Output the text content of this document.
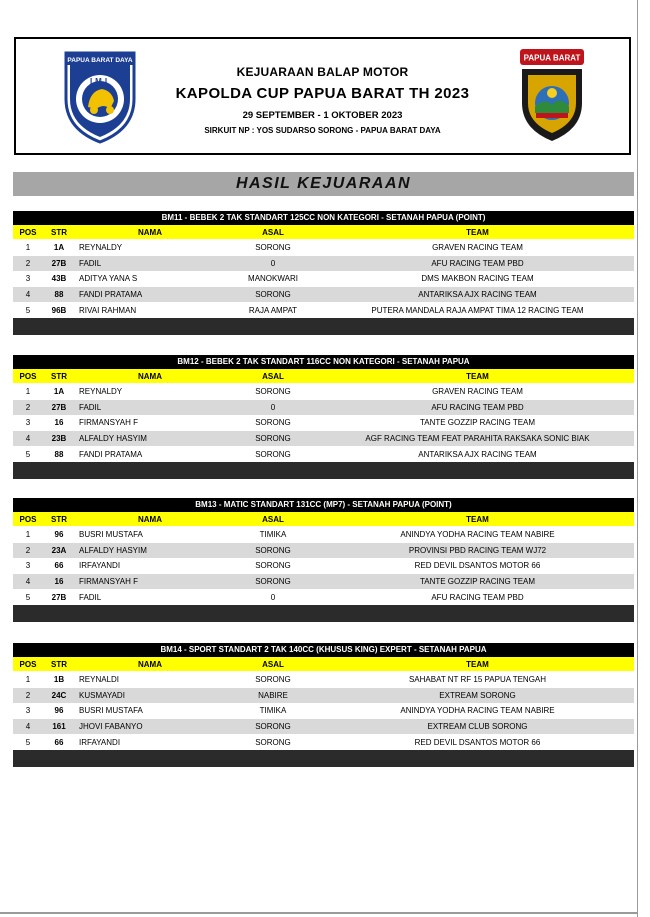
PAPUA BARAT DAYA
IMI
KEJUARAAN BALAP MOTOR
KAPOLDA CUP PAPUA BARAT TH 2023
29 SEPTEMBER - 1 OKTOBER 2023
SIRKUIT NP : YOS SUDARSO SORONG - PAPUA BARAT DAYA
PAPUA BARAT
HASIL KEJUARAAN
BM11 - BEBEK 2 TAK STANDART 125CC NON KATEGORI - SETANAH PAPUA (POINT)
POS	STR	NAMA	ASAL	TEAM
1	1A	REYNALDY	SORONG	GRAVEN RACING TEAM
2	27B	FADIL	0	AFU RACING TEAM PBD
3	43B	ADITYA YANA S	MANOKWARI	DMS MAKBON RACING TEAM
4	88	FANDI PRATAMA	SORONG	ANTARIKSA AJX RACING TEAM
5	96B	RIVAI RAHMAN	RAJA AMPAT	PUTERA MANDALA RAJA AMPAT TIMA 12 RACING TEAM
BM12 - BEBEK 2 TAK STANDART 116CC NON KATEGORI - SETANAH PAPUA
POS	STR	NAMA	ASAL	TEAM
1	1A	REYNALDY	SORONG	GRAVEN RACING TEAM
2	27B	FADIL	0	AFU RACING TEAM PBD
3	16	FIRMANSYAH F	SORONG	TANTE GOZZIP RACING TEAM
4	23B	ALFALDY HASYIM	SORONG	AGF RACING TEAM FEAT PARAHITA RAKSAKA SONIC BIAK
5	88	FANDI PRATAMA	SORONG	ANTARIKSA AJX RACING TEAM
BM13 - MATIC STANDART 131CC (MP7) - SETANAH PAPUA (POINT)
POS	STR	NAMA	ASAL	TEAM
1	96	BUSRI MUSTAFA	TIMIKA	ANINDYA YODHA RACING TEAM NABIRE
2	23A	ALFALDY HASYIM	SORONG	PROVINSI PBD RACING TEAM WJ72
3	66	IRFAYANDI	SORONG	RED DEVIL DSANTOS MOTOR 66
4	16	FIRMANSYAH F	SORONG	TANTE GOZZIP RACING TEAM
5	27B	FADIL	0	AFU RACING TEAM PBD
BM14 - SPORT STANDART 2 TAK 140CC (KHUSUS KING) EXPERT - SETANAH PAPUA
POS	STR	NAMA	ASAL	TEAM
1	1B	REYNALDI	SORONG	SAHABAT NT RF 15 PAPUA TENGAH
2	24C	KUSMAYADI	NABIRE	EXTREAM SORONG
3	96	BUSRI MUSTAFA	TIMIKA	ANINDYA YODHA RACING TEAM NABIRE
4	161	JHOVI FABANYO	SORONG	EXTREAM CLUB SORONG
5	66	IRFAYANDI	SORONG	RED DEVIL DSANTOS MOTOR 66
